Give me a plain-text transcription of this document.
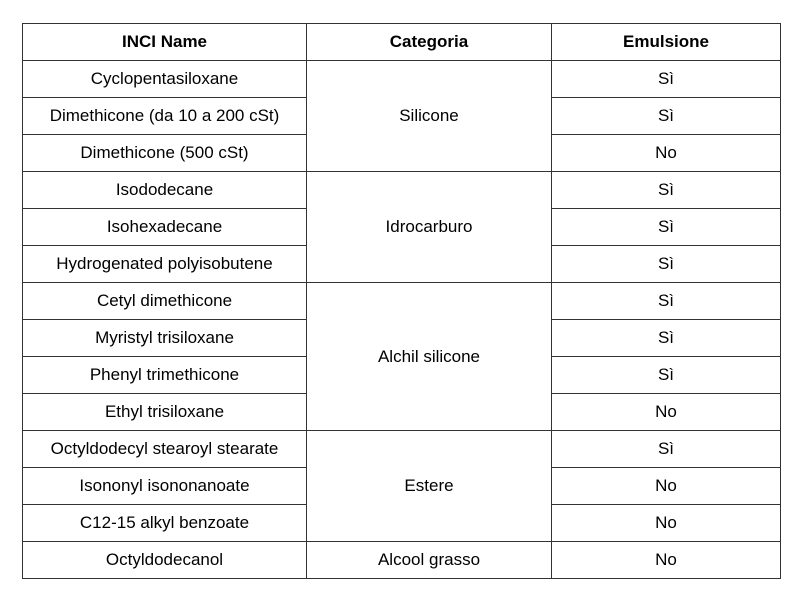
INCI Name	Categoria	Emulsione
Cyclopentasiloxane	Silicone	Sì
Dimethicone (da 10 a 200 cSt)		Sì
Dimethicone (500 cSt)		No
Isododecane	Idrocarburo	Sì
Isohexadecane		Sì
Hydrogenated polyisobutene		Sì
Cetyl dimethicone	Alchil silicone	Sì
Myristyl trisiloxane		Sì
Phenyl trimethicone		Sì
Ethyl trisiloxane		No
Octyldodecyl stearoyl stearate	Estere	Sì
Isononyl isononanoate		No
C12-15 alkyl benzoate		No
Octyldodecanol	Alcool grasso	No
